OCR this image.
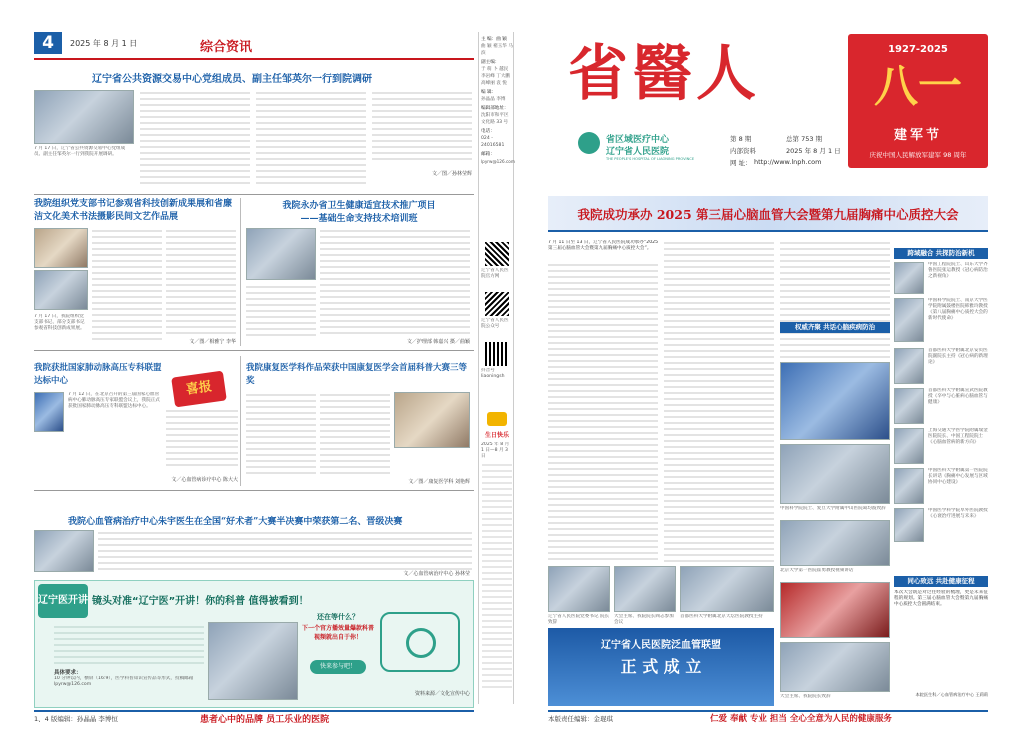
4	2025 年 8 月 1 日	综合资讯
辽宁省公共资源交易中心党组成员、副主任邹英尔一行到院调研
7 月 17 日，辽宁省公共资源交易中心党组成员、副主任邹英尔一行到我院开展调研。
文／图／孙林莹辉
我院组织党支部书记参观省科技创新成果展和省廉洁文化美术书法摄影民间文艺作品展
7 月 17 日，我院组织党支部书记、部分支部书记参观省科技创新成果展。
文／图／相雅宁 李华
我院永办省卫生健康适宜技术推广项目
——基础生命支持技术培训班
文／护理部 韩嘉兴 摄／曲颖
我院获批国家肺动脉高压专科联盟达标中心
7 月 12 日，在北京召开的第三届国家心血管病中心肺动脉高压专家联盟会议上，我院正式获批国家肺动脉高压专科联盟达标中心。
喜报
文／心血管病诊疗中心 陈大大
我院康复医学科作品荣获中国康复医学会首届科普大赛三等奖
文／图／康复医学科 刘艳辉
我院心血管病治疗中心朱宇医生在全国“好术者”大赛半决赛中荣获第二名、晋级决赛
文／心血管病治疗中心 孙林莹
辽宁医开讲 镜头对准“辽宁医”开讲！你的科普 值得被看到！
具体要求：
10 分钟以内，横屏（16:9），医学科普知识宣传品等形式，投稿邮箱 lpyrw@126.com
还在等什么？
下一个官方播效量爆款科普视频就出自于你！
快来参与吧！
资料来源／文化宣传中心
1、4 版编辑：孙晶晶 李博恒	患者心中的品牌 员工乐业的医院
主 编：曲 颖
曲 颖 褚玉华 马 滨
副主编：
于 萌 卜 越民 李岩峰 丁大鹏 高峰丽 袁 悦
编 辑：
孙晶晶 李博
编辑部地址：
沈阳市和平区文化路 33 号
电话：
024 - 24016581
邮箱：
lpyrw@126.com
辽宁省人民医院官方网
辽宁省人民医院公众号
抖音号 liaoningsh
生日快乐
2025 年 8 月 1 日—8 月 3 日
省醫人
省区域医疗中心
辽宁省人民医院
THE PEOPLE'S HOSPITAL OF LIAONING PROVINCE
第 8 期	总第 753 期
内部资料	2025 年 8 月 1 日
网 址： http://www.lnph.com
1927-2025
八一
建军节
庆祝中国人民解放军建军 98 周年
我院成功承办 2025 第三届心脑血管大会暨第九届胸痛中心质控大会
7 月 11 日至 13 日，辽宁省人民医院成功承办“2025 第三届心脑血管大会暨第九届胸痛中心质控大会”。
中国科学院院士、复旦大学附属中山医院葛均波致辞
北京大学第一医院霍勇教授视频讲话
辽宁省人民医院党委书记 院长致辞
大会主席、我院院长阎志参加会议
首都医科大学附属北京天坛医院教授主持
辽宁省人民医院泛血管联盟
正 式 成 立
大会主席、我院院长致辞
跨域融合 共探防治新机
中国工程院院士、山东大学齐鲁医院张运教授《冠心病防治之新视角》
中国科学院院士、南京大学医学院附属鼓楼医院韩雅玲教授《第八届胸痛中心质控大会的新时代使命》
首都医科大学附属北京安贞医院副院长主持《冠心病的新理论》
首都医科大学附属宣武医院教授《卒中与心脏病心脑血管与健康》
上海交通大学医学院附属瑞金医院院长、中国工程院院士《心脑血管病的新方向》
中国医科大学附属第一医院院长讲话《胸痛中心发展与区域协同中心建设》
中国医学科学院阜外医院教授《心衰治疗进展与未来》
权威齐聚 共话心脑疾病防治
同心致远 共赴健康征程
本次大会既是对过往经验的梳理，更是未来征程的规划。第三届心脑血管大会暨第九届胸痛中心质控大会圆满结束。
本院医生科／心血管病治疗中心 王莉莉
本版责任编辑：金琨琪	仁爱 奉献 专业 担当 全心全意为人民的健康服务
